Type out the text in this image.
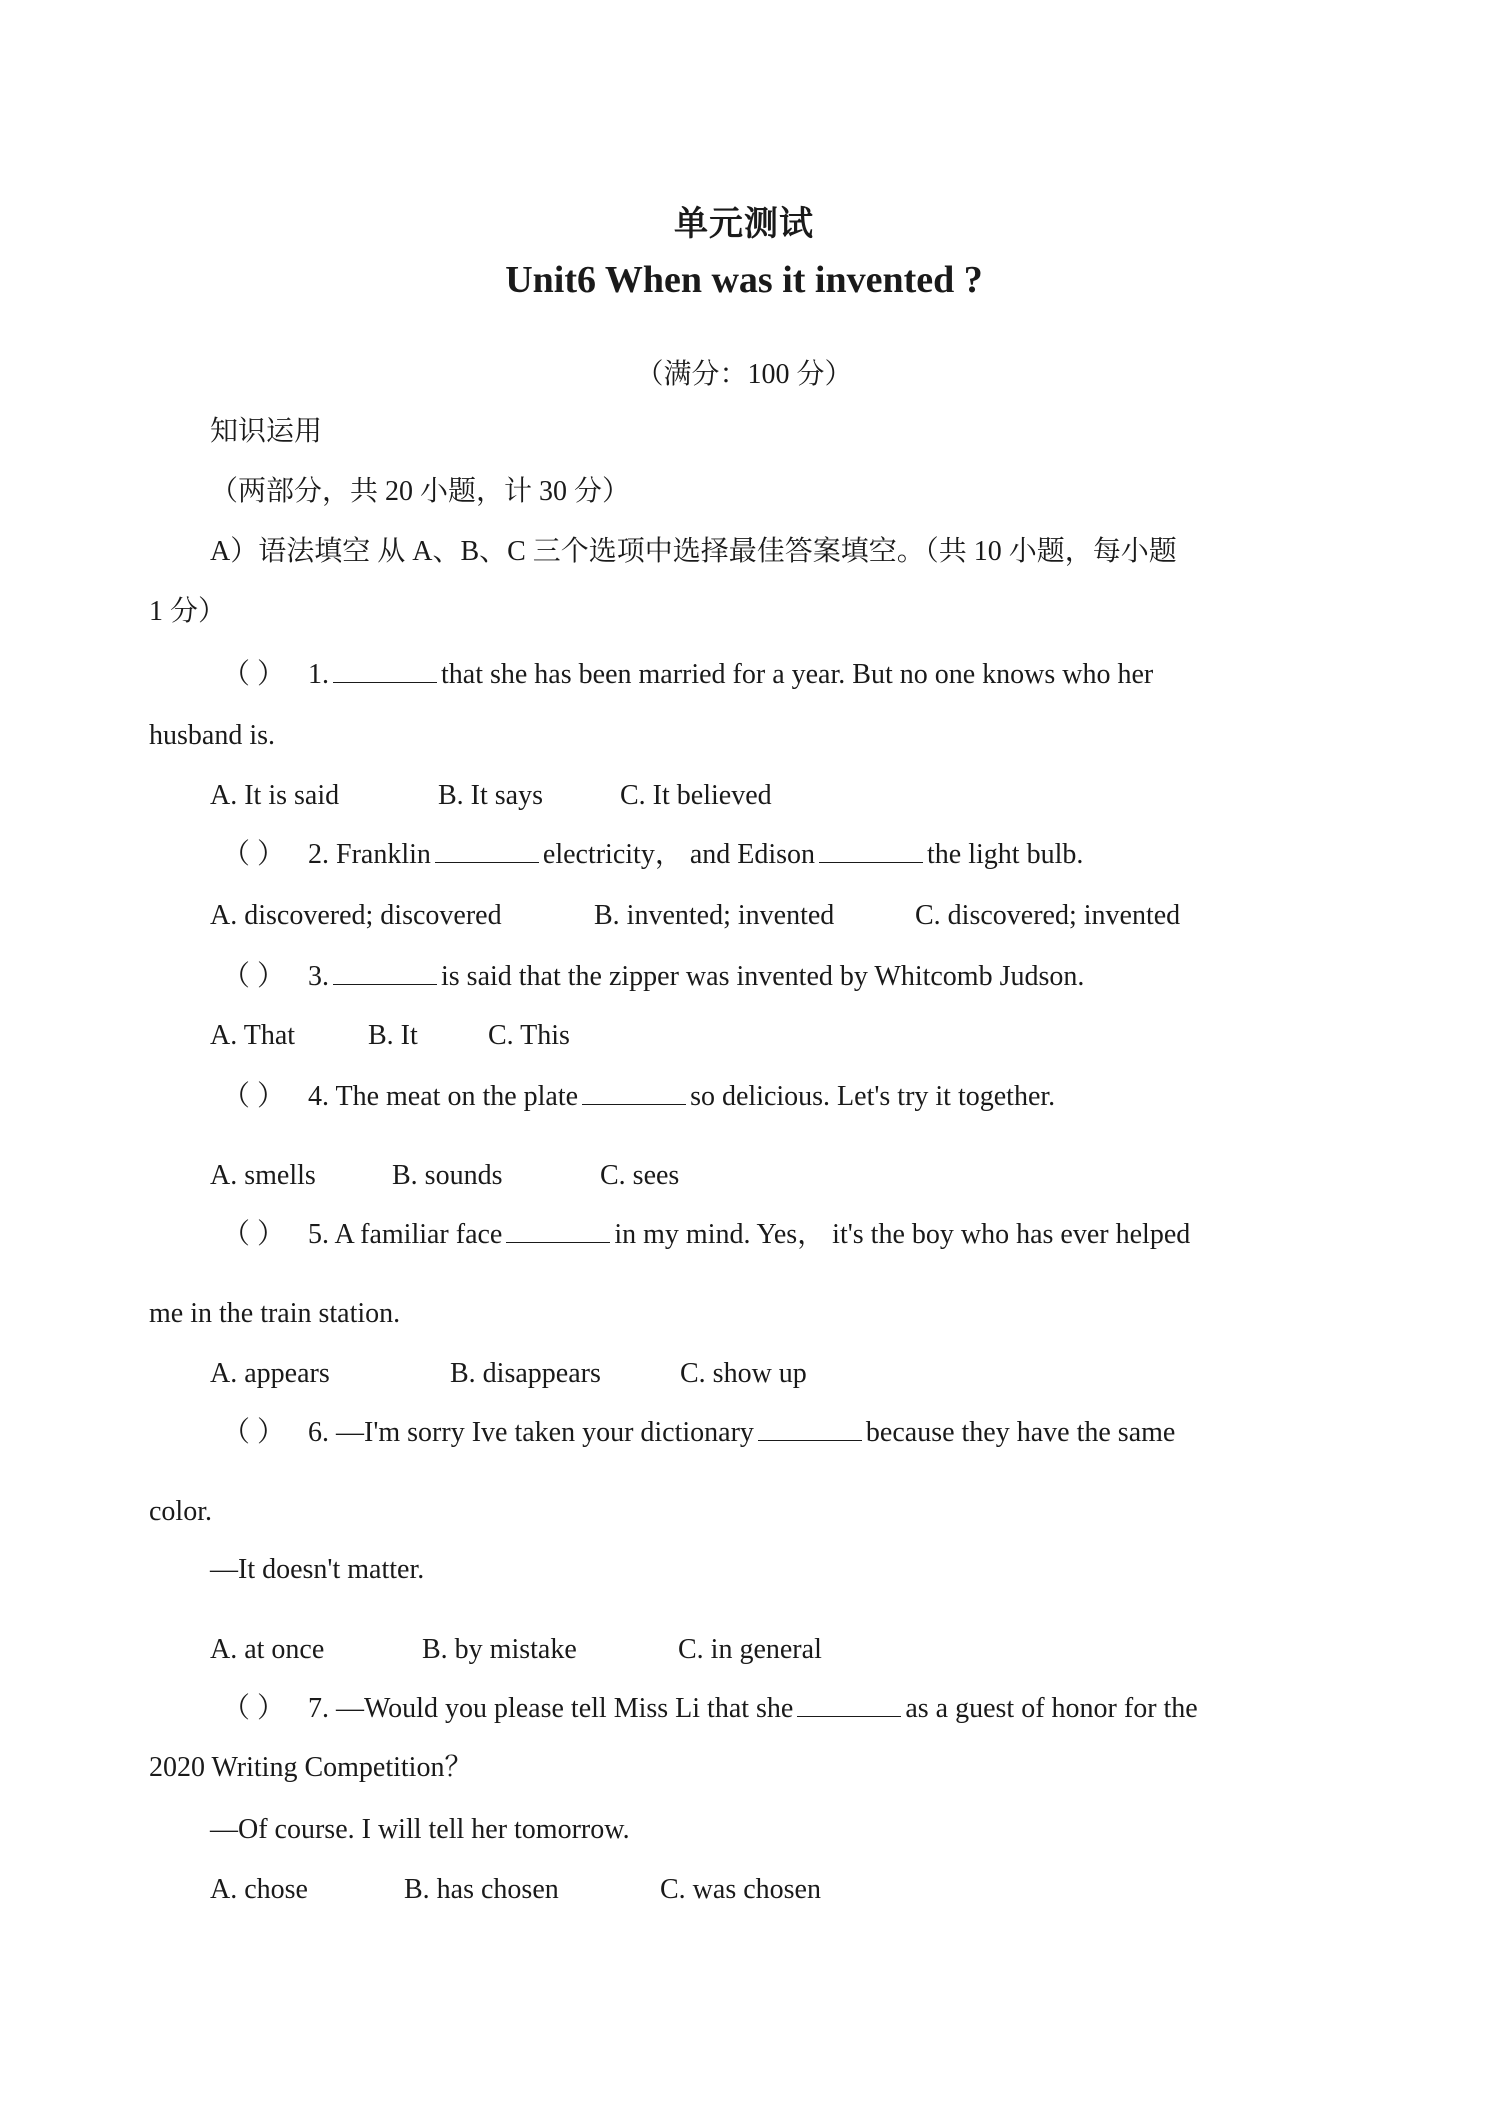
单元测试
Unit6 When was it invented ?
（满分：100 分）
知识运用
（两部分，共 20 小题，计 30 分）
A）语法填空 从 A、B、C 三个选项中选择最佳答案填空。（共 10 小题，每小题
1 分）
（ ） 1.	that she has been married for a year. But no one knows who her
husband is.
A. It is said	B. It says	C. It believed
（ ） 2. Franklin	electricity， and Edison	the light bulb.
A. discovered; discovered	B. invented; invented	C. discovered; invented
（ ） 3.	is said that the zipper was invented by Whitcomb Judson.
A. That	B. It	C. This
（ ） 4. The meat on the plate	so delicious. Let's try it together.
A. smells	B. sounds	C. sees
（ ） 5. A familiar face	in my mind. Yes， it's the boy who has ever helped
me in the train station.
A. appears	B. disappears	C. show up
（ ） 6. —I'm sorry Ive taken your dictionary	because they have the same
color.
—It doesn't matter.
A. at once	B. by mistake	C. in general
（ ） 7. —Would you please tell Miss Li that she	as a guest of honor for the
2020 Writing Competition？
—Of course. I will tell her tomorrow.
A. chose	B. has chosen	C. was chosen
